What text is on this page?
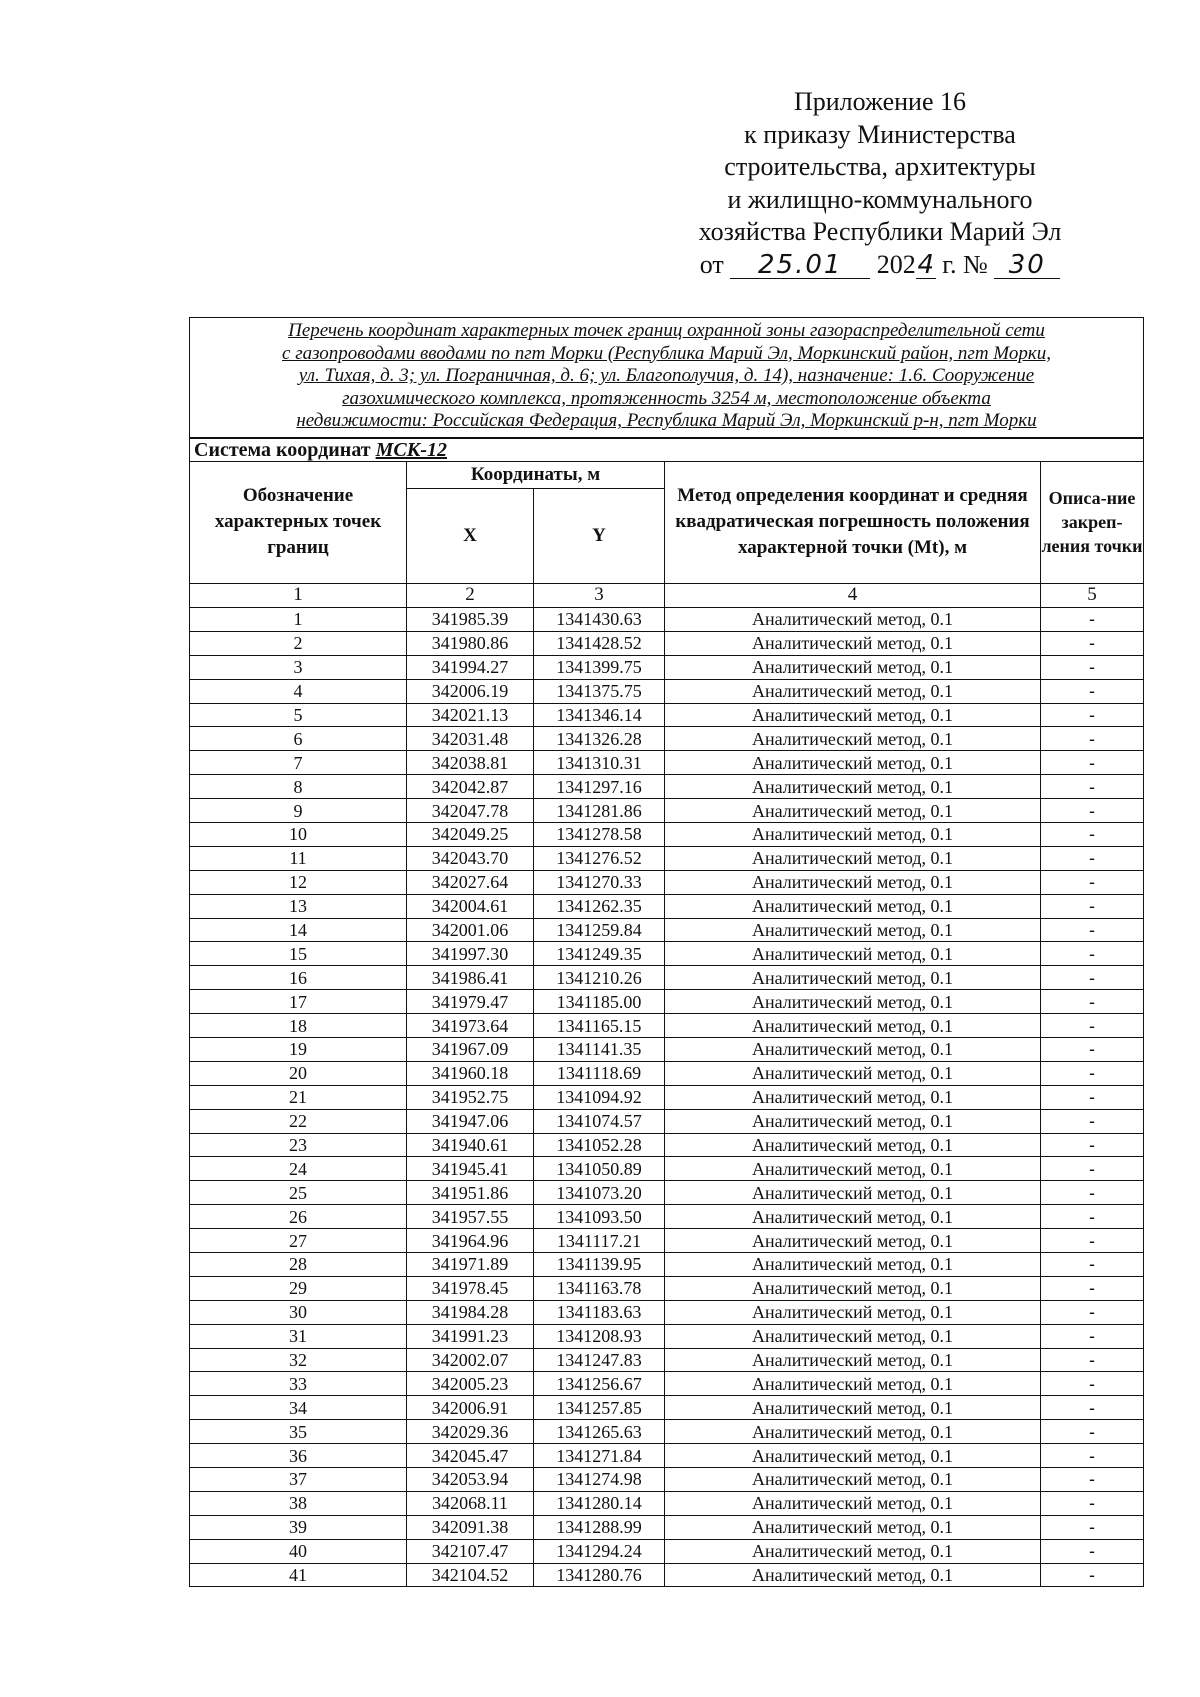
Приложение 16
к приказу Министерства
строительства, архитектуры
и жилищно-коммунального
хозяйства Республики Марий Эл
от 25.01 2024 г. № 30
Перечень координат характерных точек границ охранной зоны газораспределительной сети
с газопроводами вводами по пгт Морки (Республика Марий Эл, Моркинский район, пгт Морки,
ул. Тихая, д. 3; ул. Пограничная, д. 6; ул. Благополучия, д. 14), назначение: 1.6. Сооружение
газохимического комплекса, протяженность 3254 м, местоположение объекта
недвижимости: Российская Федерация, Республика Марий Эл, Моркинский р-н, пгт Морки				

Система координат МСК-12				
Обозначение характерных точек границ	Координаты, м		Метод определения координат и средняя квадратическая погрешность положения характерной точки (Mt), м	Описа-ние закреп-ления точки
	X	Y		
1	2	3	4	5
1	341985.39	1341430.63	Аналитический метод, 0.1	-
2	341980.86	1341428.52	Аналитический метод, 0.1	-
3	341994.27	1341399.75	Аналитический метод, 0.1	-
4	342006.19	1341375.75	Аналитический метод, 0.1	-
5	342021.13	1341346.14	Аналитический метод, 0.1	-
6	342031.48	1341326.28	Аналитический метод, 0.1	-
7	342038.81	1341310.31	Аналитический метод, 0.1	-
8	342042.87	1341297.16	Аналитический метод, 0.1	-
9	342047.78	1341281.86	Аналитический метод, 0.1	-
10	342049.25	1341278.58	Аналитический метод, 0.1	-
11	342043.70	1341276.52	Аналитический метод, 0.1	-
12	342027.64	1341270.33	Аналитический метод, 0.1	-
13	342004.61	1341262.35	Аналитический метод, 0.1	-
14	342001.06	1341259.84	Аналитический метод, 0.1	-
15	341997.30	1341249.35	Аналитический метод, 0.1	-
16	341986.41	1341210.26	Аналитический метод, 0.1	-
17	341979.47	1341185.00	Аналитический метод, 0.1	-
18	341973.64	1341165.15	Аналитический метод, 0.1	-
19	341967.09	1341141.35	Аналитический метод, 0.1	-
20	341960.18	1341118.69	Аналитический метод, 0.1	-
21	341952.75	1341094.92	Аналитический метод, 0.1	-
22	341947.06	1341074.57	Аналитический метод, 0.1	-
23	341940.61	1341052.28	Аналитический метод, 0.1	-
24	341945.41	1341050.89	Аналитический метод, 0.1	-
25	341951.86	1341073.20	Аналитический метод, 0.1	-
26	341957.55	1341093.50	Аналитический метод, 0.1	-
27	341964.96	1341117.21	Аналитический метод, 0.1	-
28	341971.89	1341139.95	Аналитический метод, 0.1	-
29	341978.45	1341163.78	Аналитический метод, 0.1	-
30	341984.28	1341183.63	Аналитический метод, 0.1	-
31	341991.23	1341208.93	Аналитический метод, 0.1	-
32	342002.07	1341247.83	Аналитический метод, 0.1	-
33	342005.23	1341256.67	Аналитический метод, 0.1	-
34	342006.91	1341257.85	Аналитический метод, 0.1	-
35	342029.36	1341265.63	Аналитический метод, 0.1	-
36	342045.47	1341271.84	Аналитический метод, 0.1	-
37	342053.94	1341274.98	Аналитический метод, 0.1	-
38	342068.11	1341280.14	Аналитический метод, 0.1	-
39	342091.38	1341288.99	Аналитический метод, 0.1	-
40	342107.47	1341294.24	Аналитический метод, 0.1	-
41	342104.52	1341280.76	Аналитический метод, 0.1	-
